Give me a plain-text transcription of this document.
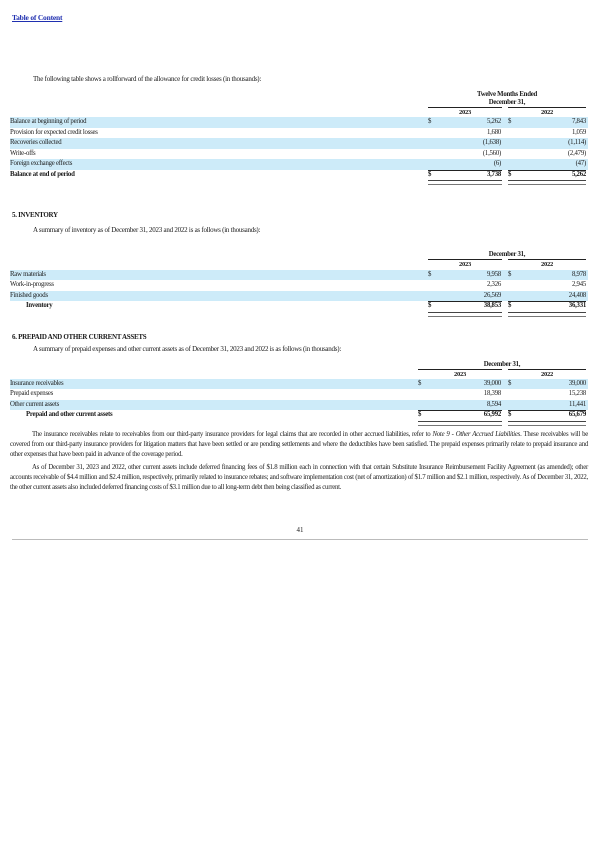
Table of Content
The following table shows a rollforward of the allowance for credit losses (in thousands):
Twelve Months Ended
December 31,
2023	2022
Balance at beginning of period	$	5,262 $	7,843
Provision for expected credit losses	1,680	1,059
Recoveries collected	(1,638)	(1,114)
Write-offs	(1,560)	(2,479)
Foreign exchange effects	(6)	(47)
Balance at end of period	$	3,738 $	5,262
5. INVENTORY
A summary of inventory as of December 31, 2023 and 2022 is as follows (in thousands):
December 31,
2023	2022
Raw materials	$	9,958 $	8,978
Work-in-progress	2,326	2,945
Finished goods	26,569	24,408
Inventory	$	38,853 $	36,331
6. PREPAID AND OTHER CURRENT ASSETS
A summary of prepaid expenses and other current assets as of December 31, 2023 and 2022 is as follows (in thousands):
December 31,
2023	2022
Insurance receivables	$	39,000 $	39,000
Prepaid expenses	18,398	15,238
Other current assets	8,594	11,441
Prepaid and other current assets	$	65,992 $	65,679
The insurance receivables relate to receivables from our third-party insurance providers for legal claims that are recorded in other accrued liabilities, refer to Note 9 - Other Accrued Liabilities. These receivables will be covered from our third-party insurance providers for litigation matters that have been settled or are pending settlements and where the deductibles have been satisfied. The prepaid expenses primarily relate to prepaid insurance and other expenses that have been paid in advance of the coverage period.
As of December 31, 2023 and 2022, other current assets include deferred financing fees of $1.8 million each in connection with that certain Substitute Insurance Reimbursement Facility Agreement (as amended); other accounts receivable of $4.4 million and $2.4 million, respectively, primarily related to insurance rebates; and software implementation cost (net of amortization) of $1.7 million and $2.1 million, respectively. As of December 31, 2022, the other current assets also included deferred financing costs of $3.1 million due to all long-term debt then being classified as current.
41
